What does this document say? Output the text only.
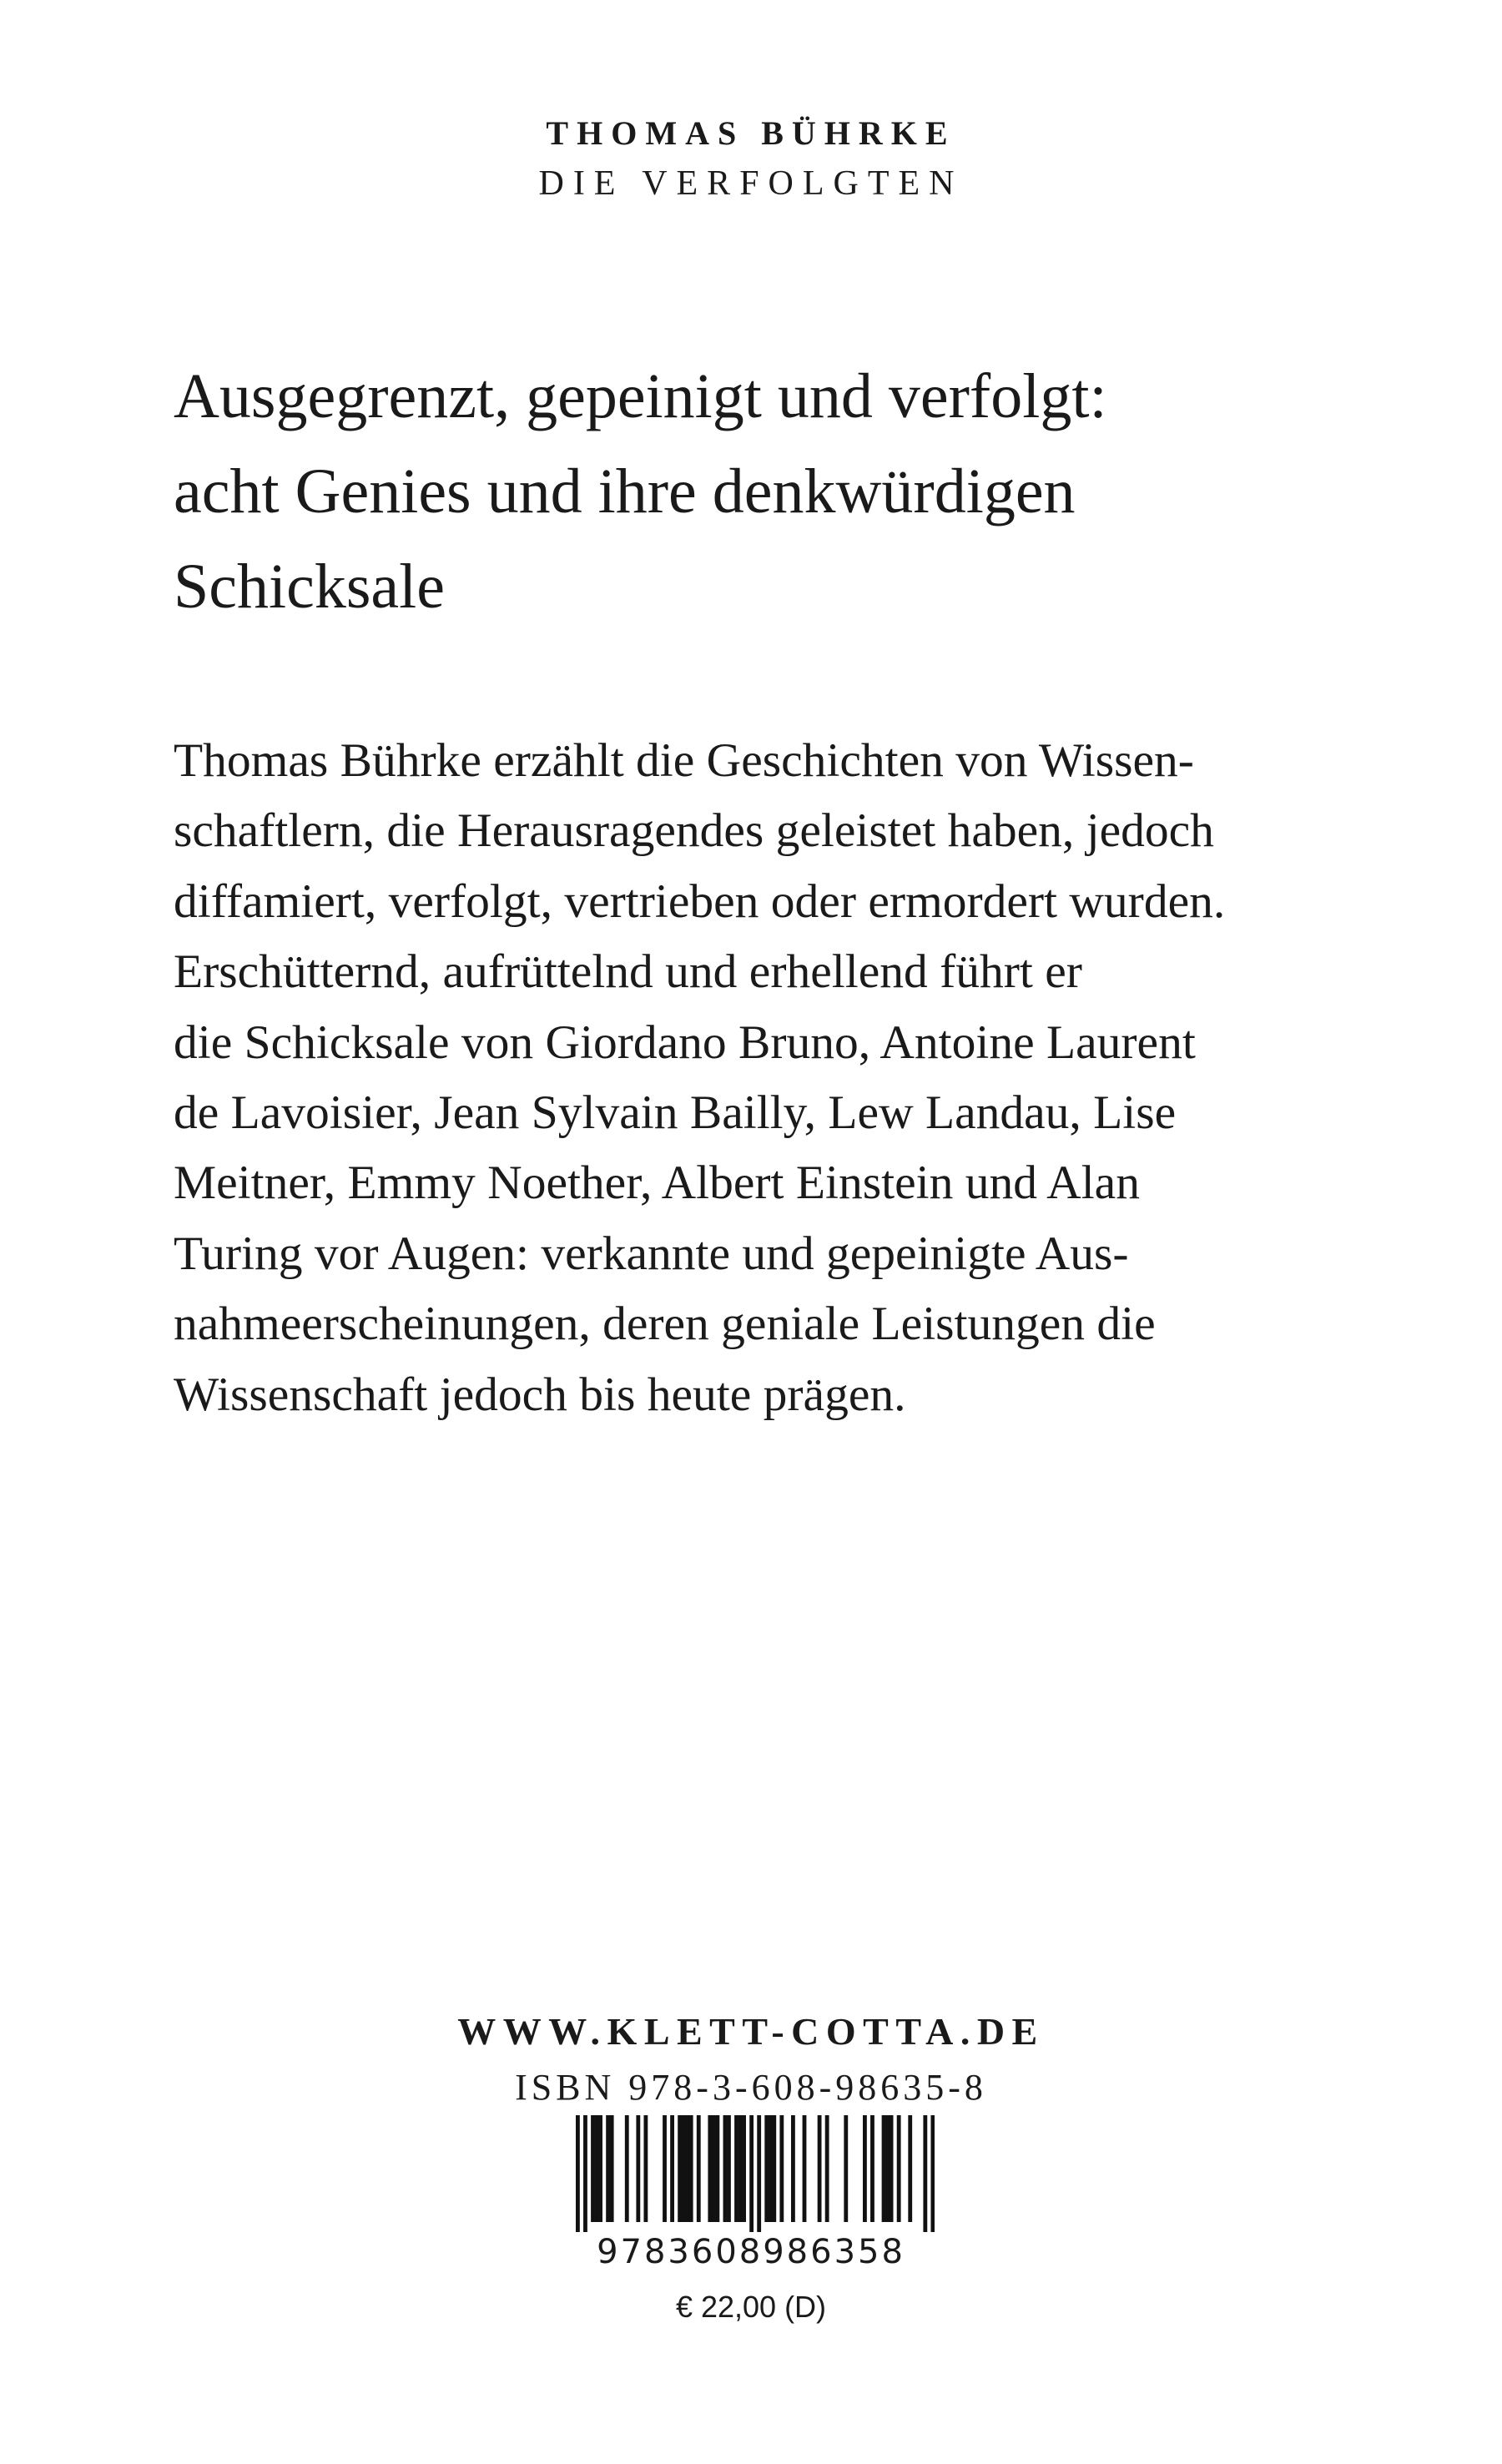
THOMAS BÜHRKE
DIE VERFOLGTEN
Ausgegrenzt, gepeinigt und verfolgt:
acht Genies und ihre denkwürdigen
Schicksale

Thomas Bührke erzählt die Geschichten von Wissen-
schaftlern, die Herausragendes geleistet haben, jedoch
diffamiert, verfolgt, vertrieben oder ermordert wurden.
Erschütternd, aufrüttelnd und erhellend führt er
die Schicksale von Giordano Bruno, Antoine Laurent
de Lavoisier, Jean Sylvain Bailly, Lew Landau, Lise
Meitner, Emmy Noether, Albert Einstein und Alan
Turing vor Augen: verkannte und gepeinigte Aus-
nahmeerscheinungen, deren geniale Leistungen die
Wissenschaft jedoch bis heute prägen.

WWW.KLETT-COTTA.DE
ISBN 978-3-608-98635-8
9783608986358
€ 22,00 (D)
